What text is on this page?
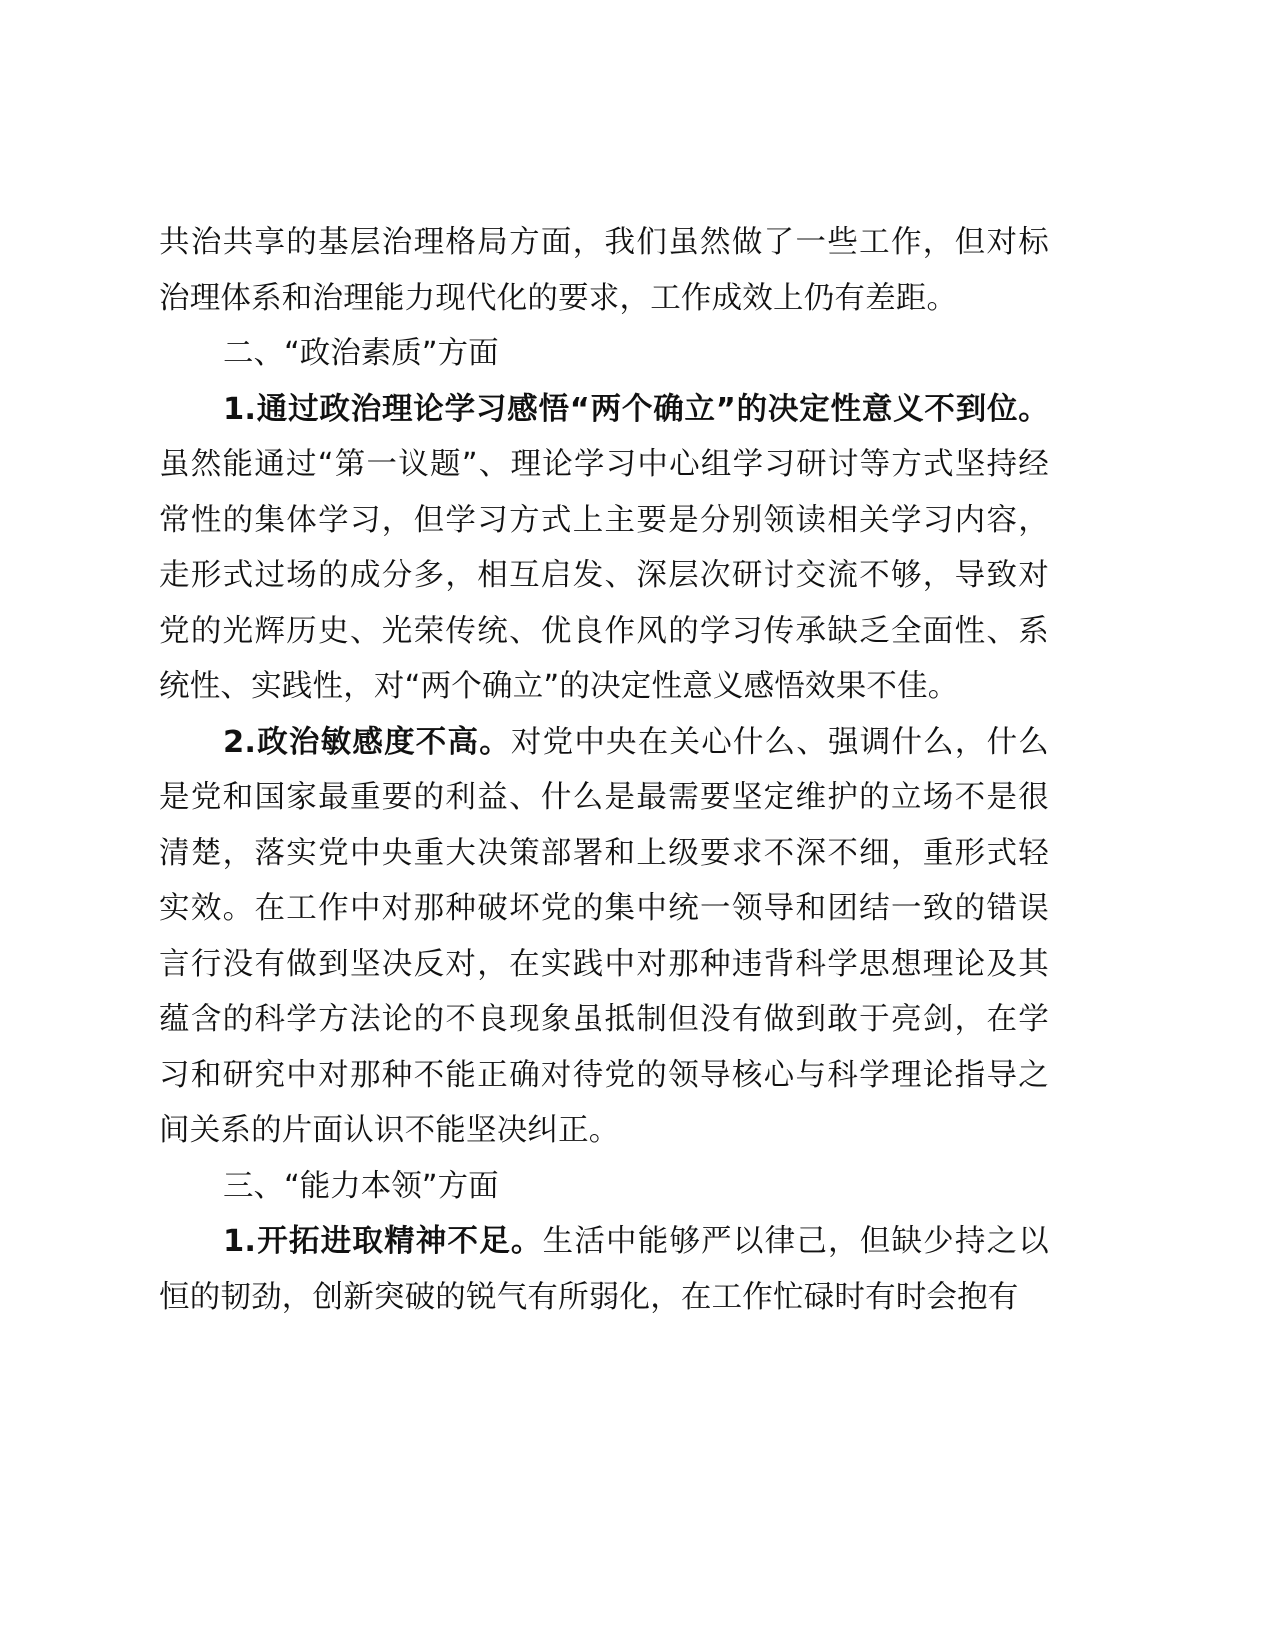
共治共享的基层治理格局方面，我们虽然做了一些工作，但对标治理体系和治理能力现代化的要求，工作成效上仍有差距。

二、“政治素质”方面

1.通过政治理论学习感悟“两个确立”的决定性意义不到位。虽然能通过“第一议题”、理论学习中心组学习研讨等方式坚持经常性的集体学习，但学习方式上主要是分别领读相关学习内容，走形式过场的成分多，相互启发、深层次研讨交流不够，导致对党的光辉历史、光荣传统、优良作风的学习传承缺乏全面性、系统性、实践性，对“两个确立”的决定性意义感悟效果不佳。

2.政治敏感度不高。对党中央在关心什么、强调什么，什么是党和国家最重要的利益、什么是最需要坚定维护的立场不是很清楚，落实党中央重大决策部署和上级要求不深不细，重形式轻实效。在工作中对那种破坏党的集中统一领导和团结一致的错误言行没有做到坚决反对，在实践中对那种违背科学思想理论及其蕴含的科学方法论的不良现象虽抵制但没有做到敢于亮剑，在学习和研究中对那种不能正确对待党的领导核心与科学理论指导之间关系的片面认识不能坚决纠正。

三、“能力本领”方面

1.开拓进取精神不足。生活中能够严以律己，但缺少持之以恒的韧劲，创新突破的锐气有所弱化，在工作忙碌时有时会抱有
